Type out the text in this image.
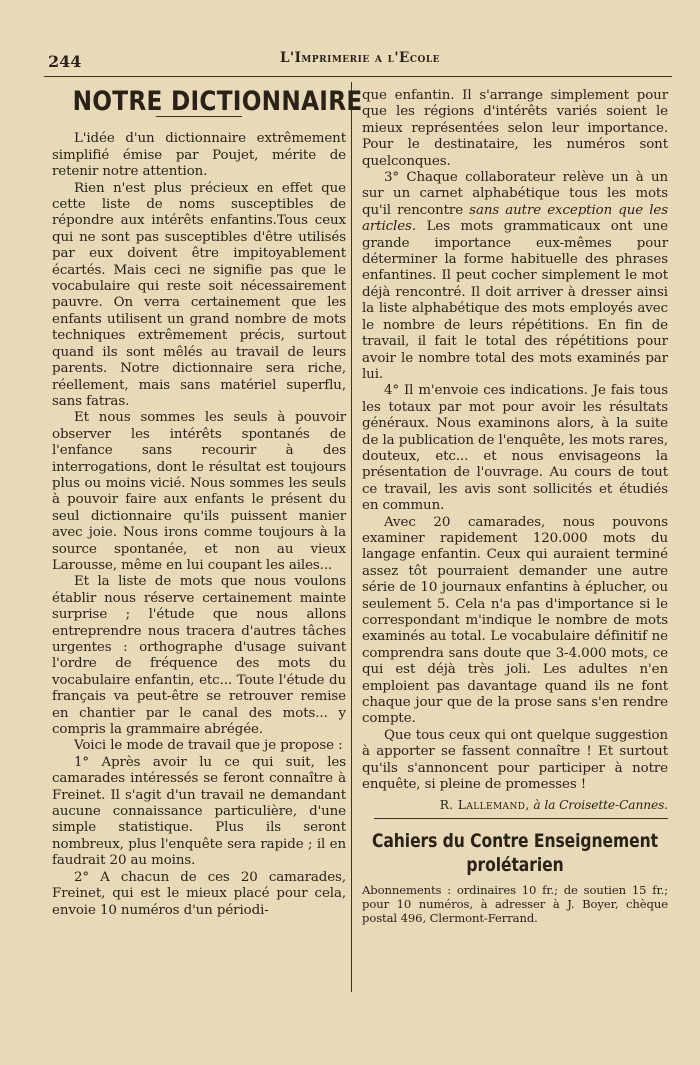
244	L'Imprimerie a l'Ecole
NOTRE DICTIONNAIRE

L'idée d'un dictionnaire extrêmement simplifié émise par Poujet, mérite de retenir notre attention.

Rien n'est plus précieux en effet que cette liste de noms susceptibles de répondre aux intérêts enfantins.Tous ceux qui ne sont pas susceptibles d'être utilisés par eux doivent être impitoyablement écartés. Mais ceci ne signifie pas que le vocabulaire qui reste soit nécessairement pauvre. On verra certainement que les enfants utilisent un grand nombre de mots techniques extrêmement précis, surtout quand ils sont mêlés au travail de leurs parents. Notre dictionnaire sera riche, réellement, mais sans matériel superflu, sans fatras.

Et nous sommes les seuls à pouvoir observer les intérêts spontanés de l'enfance sans recourir à des interrogations, dont le résultat est toujours plus ou moins vicié. Nous sommes les seuls à pouvoir faire aux enfants le présent du seul dictionnaire qu'ils puissent manier avec joie. Nous irons comme toujours à la source spontanée, et non au vieux Larousse, même en lui coupant les ailes...

Et la liste de mots que nous voulons établir nous réserve certainement mainte surprise ; l'étude que nous allons entreprendre nous tracera d'autres tâches urgentes : orthographe d'usage suivant l'ordre de fréquence des mots du vocabulaire enfantin, etc... Toute l'étude du français va peut-être se retrouver remise en chantier par le canal des mots... y compris la grammaire abrégée.

Voici le mode de travail que je propose :

1° Après avoir lu ce qui suit, les camarades intéressés se feront connaître à Freinet. Il s'agit d'un travail ne demandant aucune connaissance particulière, d'une simple statistique. Plus ils seront nombreux, plus l'enquête sera rapide ; il en faudrait 20 au moins.

2° A chacun de ces 20 camarades, Freinet, qui est le mieux placé pour cela, envoie 10 numéros d'un périodi-

que enfantin. Il s'arrange simplement pour que les régions d'intérêts variés soient le mieux représentées selon leur importance. Pour le destinataire, les numéros sont quelconques.

3° Chaque collaborateur relève un à un sur un carnet alphabétique tous les mots qu'il rencontre sans autre exception que les articles. Les mots grammaticaux ont une grande importance eux-mêmes pour déterminer la forme habituelle des phrases enfantines. Il peut cocher simplement le mot déjà rencontré. Il doit arriver à dresser ainsi la liste alphabétique des mots employés avec le nombre de leurs répétitions. En fin de travail, il fait le total des répétitions pour avoir le nombre total des mots examinés par lui.

4° Il m'envoie ces indications. Je fais tous les totaux par mot pour avoir les résultats généraux. Nous examinons alors, à la suite de la publication de l'enquête, les mots rares, douteux, etc... et nous envisageons la présentation de l'ouvrage. Au cours de tout ce travail, les avis sont sollicités et étudiés en commun.

Avec 20 camarades, nous pouvons examiner rapidement 120.000 mots du langage enfantin. Ceux qui auraient terminé assez tôt pourraient demander une autre série de 10 journaux enfantins à éplucher, ou seulement 5. Cela n'a pas d'importance si le correspondant m'indique le nombre de mots examinés au total. Le vocabulaire définitif ne comprendra sans doute que 3-4.000 mots, ce qui est déjà très joli. Les adultes n'en emploient pas davantage quand ils ne font chaque jour que de la prose sans s'en rendre compte.

Que tous ceux qui ont quelque suggestion à apporter se fassent connaître ! Et surtout qu'ils s'annoncent pour participer à notre enquête, si pleine de promesses !

R. Lallemand, à la Croisette-Cannes.
Cahiers du Contre Enseignement prolétarien
Abonnements : ordinaires 10 fr.; de soutien 15 fr.; pour 10 numéros, à adresser à J. Boyer, chèque postal 496, Clermont-Ferrand.
